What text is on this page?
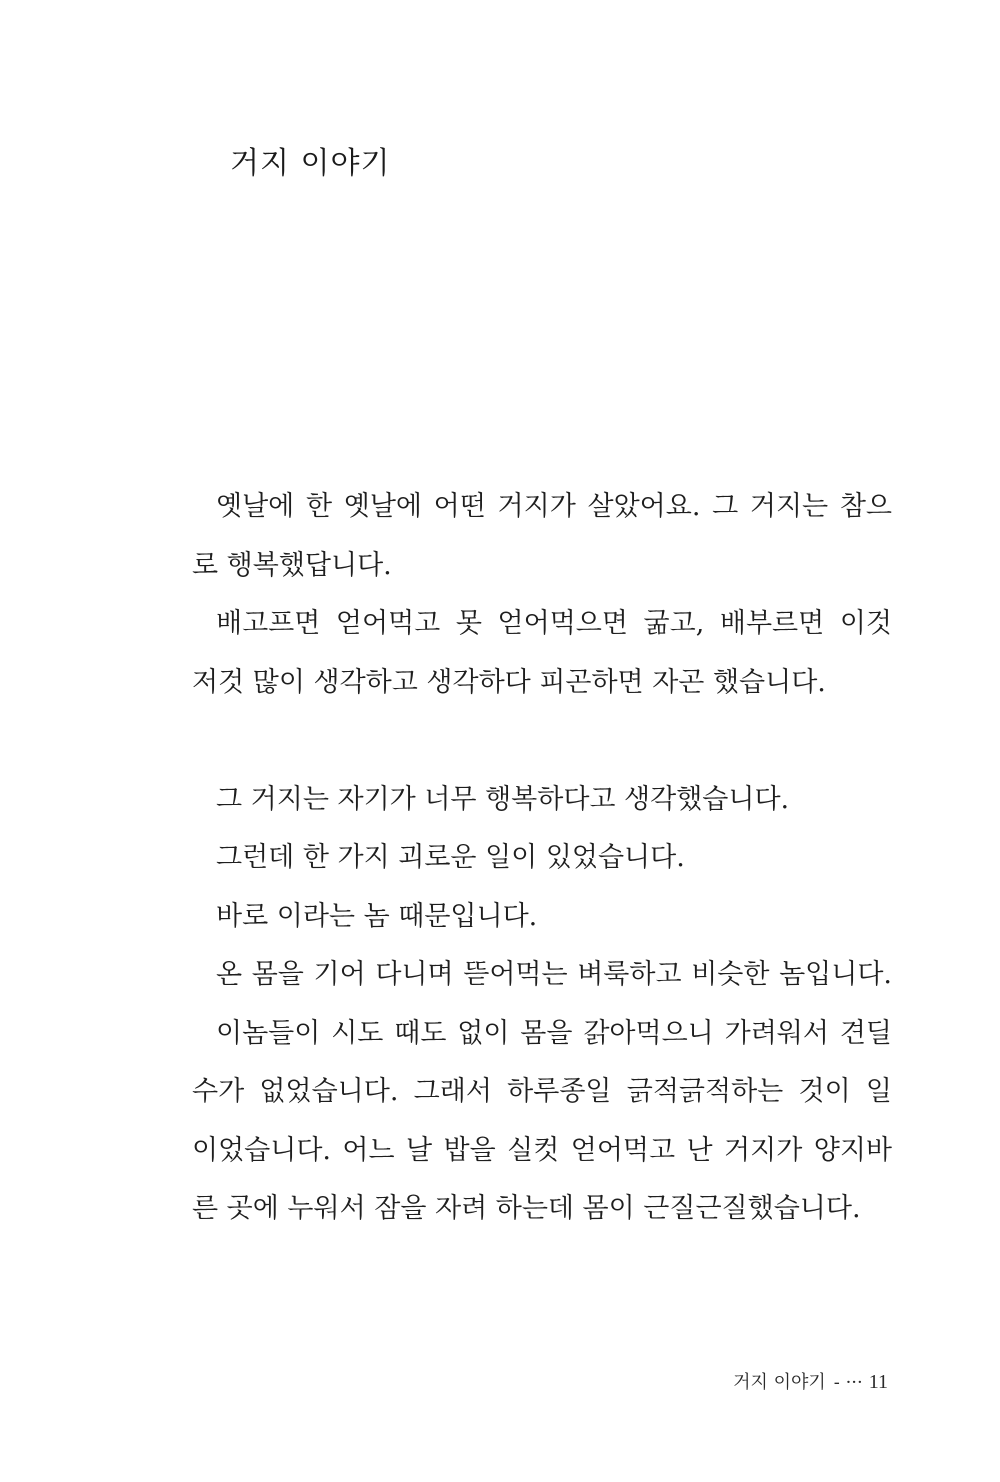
거지 이야기

옛날에 한 옛날에 어떤 거지가 살았어요. 그 거지는 참으

로 행복했답니다.

배고프면 얻어먹고 못 얻어먹으면 굶고, 배부르면 이것

저것 많이 생각하고 생각하다 피곤하면 자곤 했습니다.

그 거지는 자기가 너무 행복하다고 생각했습니다.

그런데 한 가지 괴로운 일이 있었습니다.

바로 이라는 놈 때문입니다.

온 몸을 기어 다니며 뜯어먹는 벼룩하고 비슷한 놈입니다.

이놈들이 시도 때도 없이 몸을 갉아먹으니 가려워서 견딜

수가 없었습니다. 그래서 하루종일 긁적긁적하는 것이 일

이었습니다. 어느 날 밥을 실컷 얻어먹고 난 거지가 양지바

른 곳에 누워서 잠을 자려 하는데 몸이 근질근질했습니다.

거지 이야기 - ··· 11
